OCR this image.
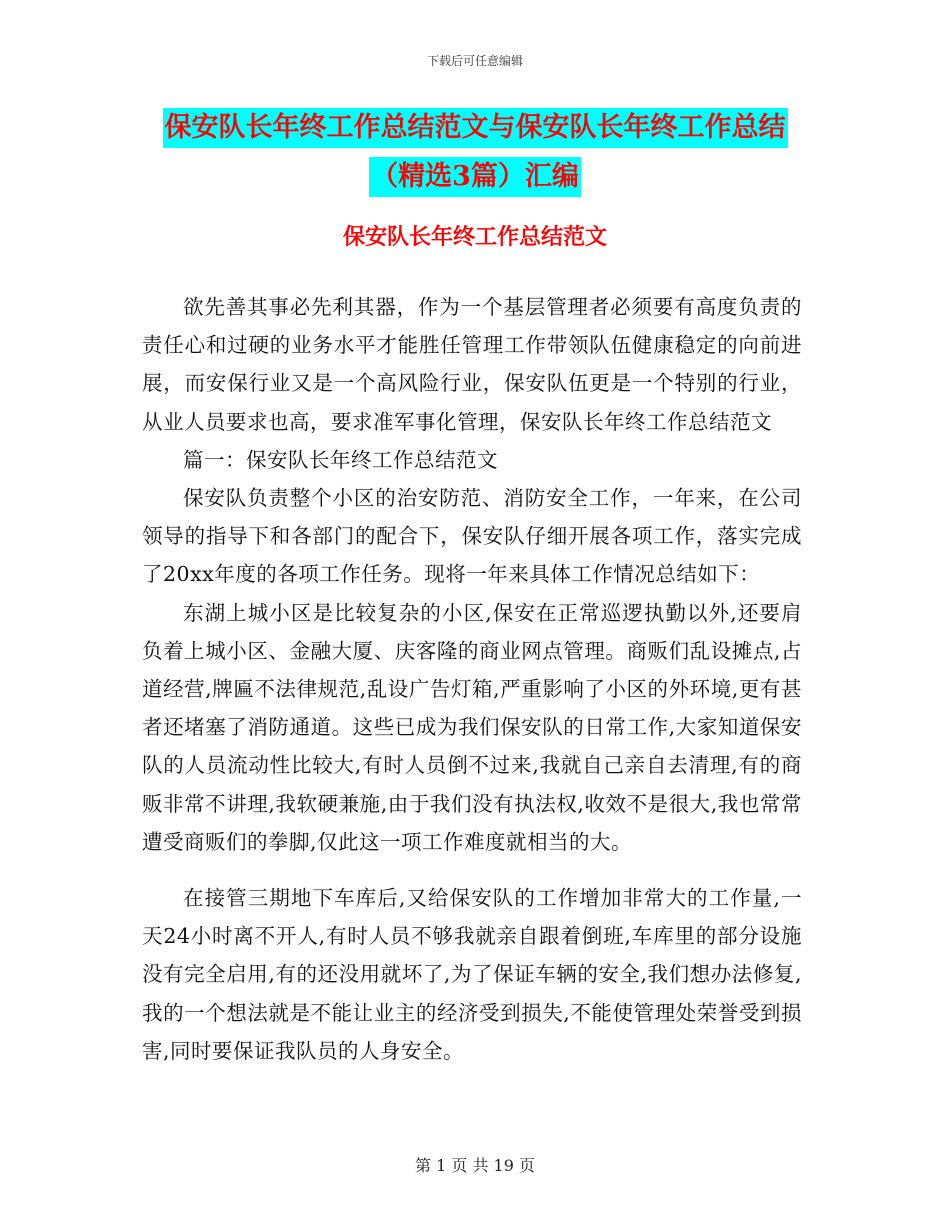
下载后可任意编辑
保安队长年终工作总结范文与保安队长年终工作总结
（精选3篇）汇编
保安队长年终工作总结范文

欲先善其事必先利其器，作为一个基层管理者必须要有高度负责的责任心和过硬的业务水平才能胜任管理工作带领队伍健康稳定的向前进展，而安保行业又是一个高风险行业，保安队伍更是一个特别的行业，从业人员要求也高，要求准军事化管理，保安队长年终工作总结范文

篇一：保安队长年终工作总结范文

保安队负责整个小区的治安防范、消防安全工作，一年来，在公司领导的指导下和各部门的配合下，保安队仔细开展各项工作，落实完成了20xx年度的各项工作任务。现将一年来具体工作情况总结如下：

东湖上城小区是比较复杂的小区,保安在正常巡逻执勤以外,还要肩负着上城小区、金融大厦、庆客隆的商业网点管理。商贩们乱设摊点,占道经营,牌匾不法律规范,乱设广告灯箱,严重影响了小区的外环境,更有甚者还堵塞了消防通道。这些已成为我们保安队的日常工作,大家知道保安队的人员流动性比较大,有时人员倒不过来,我就自己亲自去清理,有的商贩非常不讲理,我软硬兼施,由于我们没有执法权,收效不是很大,我也常常遭受商贩们的拳脚,仅此这一项工作难度就相当的大。

在接管三期地下车库后,又给保安队的工作增加非常大的工作量,一天24小时离不开人,有时人员不够我就亲自跟着倒班,车库里的部分设施没有完全启用,有的还没用就坏了,为了保证车辆的安全,我们想办法修复,我的一个想法就是不能让业主的经济受到损失,不能使管理处荣誉受到损害,同时要保证我队员的人身安全。

第 1 页 共 19 页
